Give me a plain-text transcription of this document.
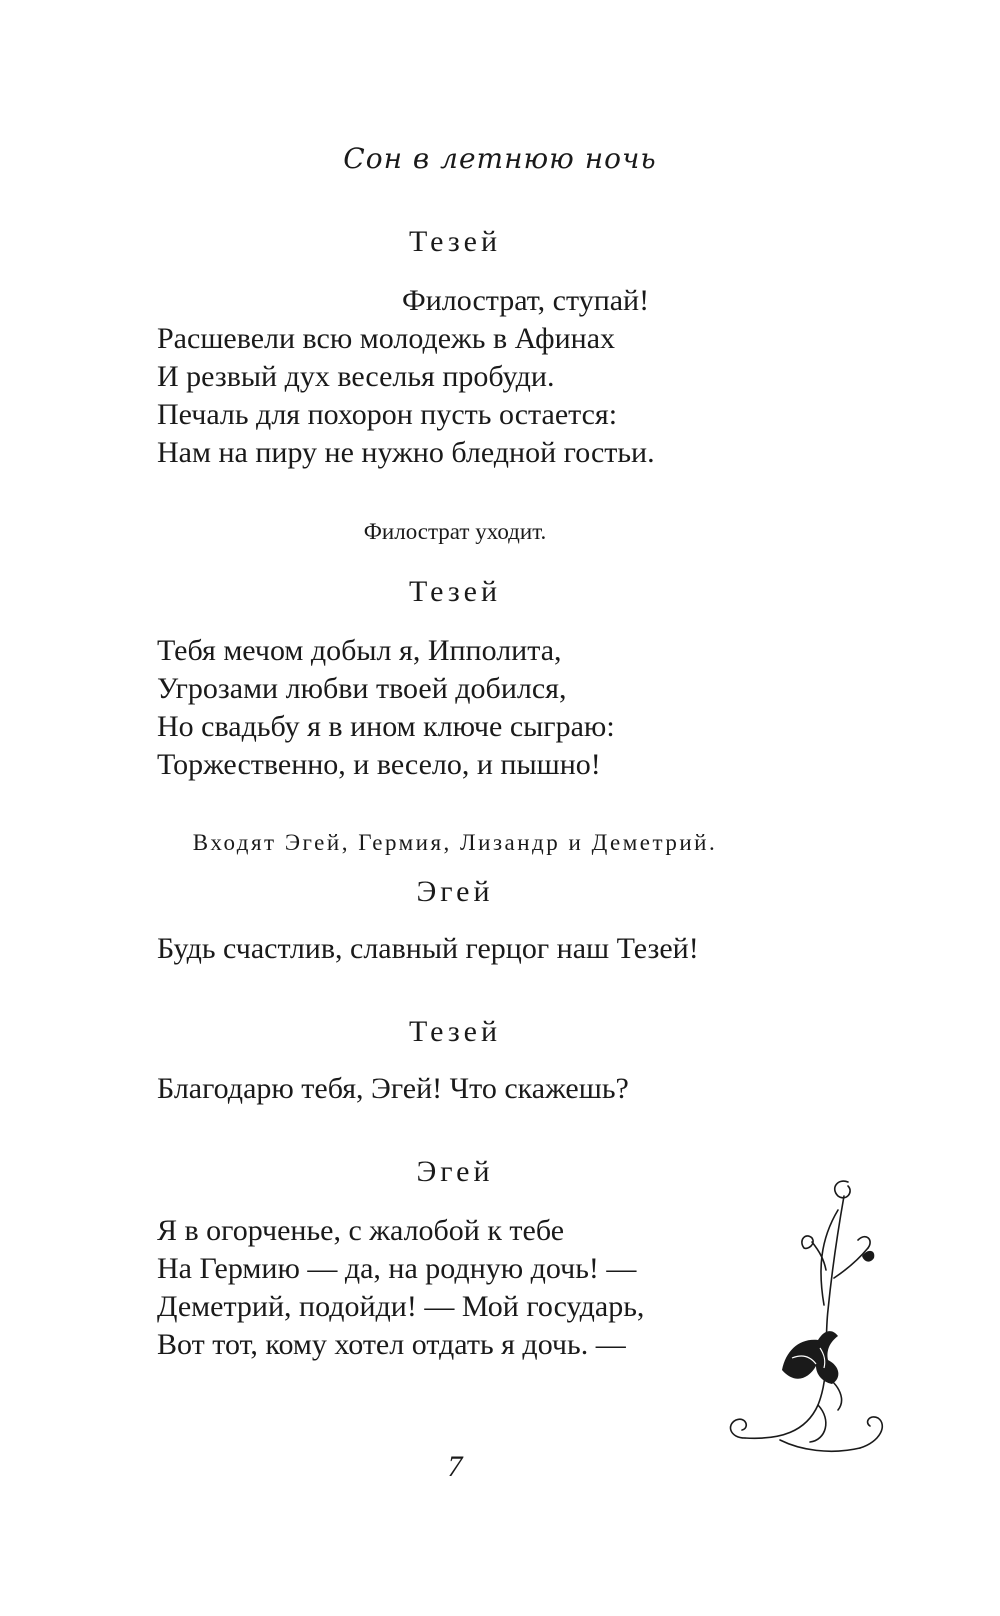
Сон в летнюю ночь
Тезей
Филострат, ступай!
Расшевели всю молодежь в Афинах
И резвый дух веселья пробуди.
Печаль для похорон пусть остается:
Нам на пиру не нужно бледной гостьи.
Филострат уходит.
Тезей
Тебя мечом добыл я, Ипполита,
Угрозами любви твоей добился,
Но свадьбу я в ином ключе сыграю:
Торжественно, и весело, и пышно!
Входят Эгей, Гермия, Лизандр и Деметрий.
Эгей
Будь счастлив, славный герцог наш Тезей!
Тезей
Благодарю тебя, Эгей! Что скажешь?
Эгей
Я в огорченье, с жалобой к тебе
На Гермию — да, на родную дочь! —
Деметрий, подойди! — Мой государь,
Вот тот, кому хотел отдать я дочь. —
7
